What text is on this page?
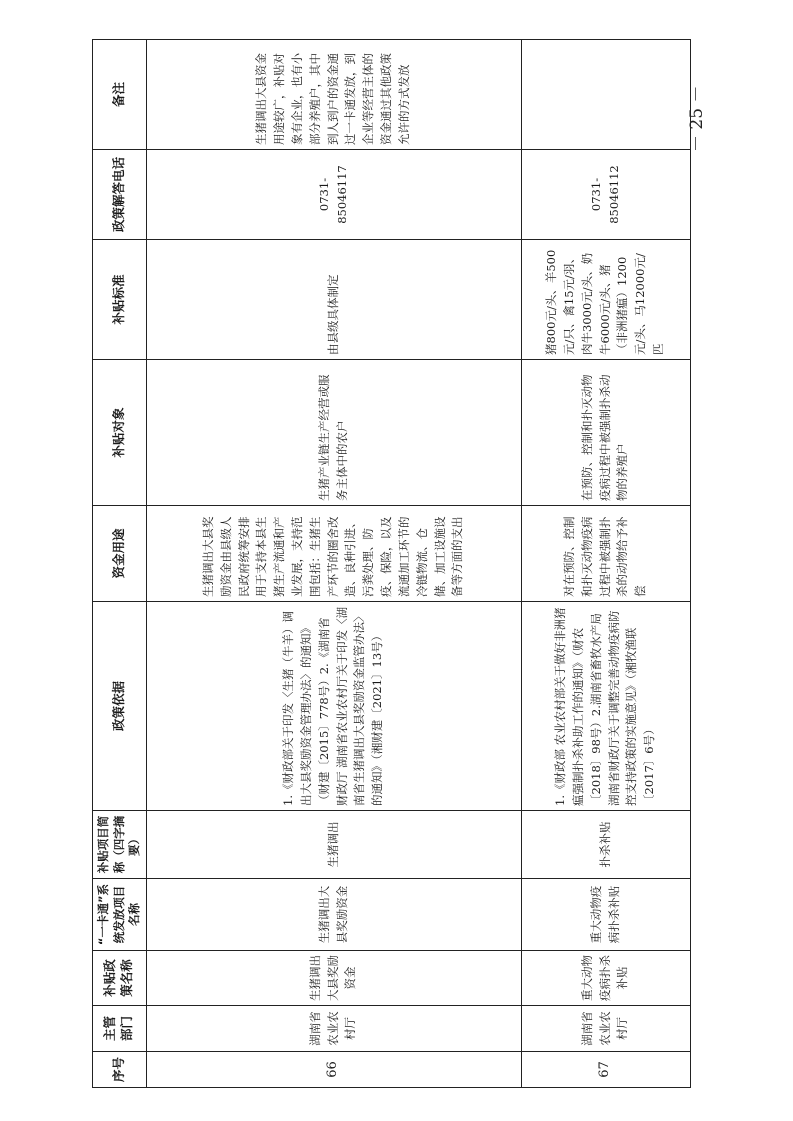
序号	主管部门	补贴政策名称	“一卡通”系统发放项目名称	补贴项目简称（四字摘要）	政策依据	资金用途	补贴对象	补贴标准	政策解答电话	备注
66	湖南省农业农村厅	生猪调出大县奖励资金	生猪调出大县奖励资金	生猪调出	1.《财政部关于印发〈生猪（牛羊）调出大县奖励资金管理办法〉的通知》（财建〔2015〕778号）2.《湖南省财政厅 湖南省农业农村厅关于印发〈湖南省生猪调出大县奖励资金监管办法〉的通知》（湘财建〔2021〕13号）	生猪调出大县奖励资金由县级人民政府统筹安排用于支持本县生猪生产流通和产业发展，支持范围包括：生猪生产环节的圈舍改造、良种引进、污粪处理、防疫、保险，以及流通加工环节的冷链物流、仓储、加工设施设备等方面的支出	生猪产业链生产经营或服务主体中的农户	由县级具体制定	0731-85046117	生猪调出大县资金用途较广，补贴对象有企业，也有小部分养殖户，其中到人到户的资金通过一卡通发放，到企业等经营主体的资金通过其他政策允许的方式发放
67	湖南省农业农村厅	重大动物疫病扑杀补贴	重大动物疫病扑杀补贴	扑杀补贴	1.《财政部 农业农村部关于做好非洲猪瘟强制扑杀补助工作的通知》（财农〔2018〕98号）2.湖南省畜牧水产局 湖南省财政厅关于调整完善动物疫病防控支持政策的实施意见》（湘牧渔联〔2017〕6号）	对在预防、控制和扑灭动物疫病过程中被强制扑杀的动物给予补偿	在预防、控制和扑灭动物疫病过程中被强制扑杀动物的养殖户	猪800元/头、羊500元/只、禽15元/羽、肉牛3000元/头、奶牛6000元/头、猪（非洲猪瘟）1200元/头、马12000元/匹	0731-85046112	
－ 25 －
